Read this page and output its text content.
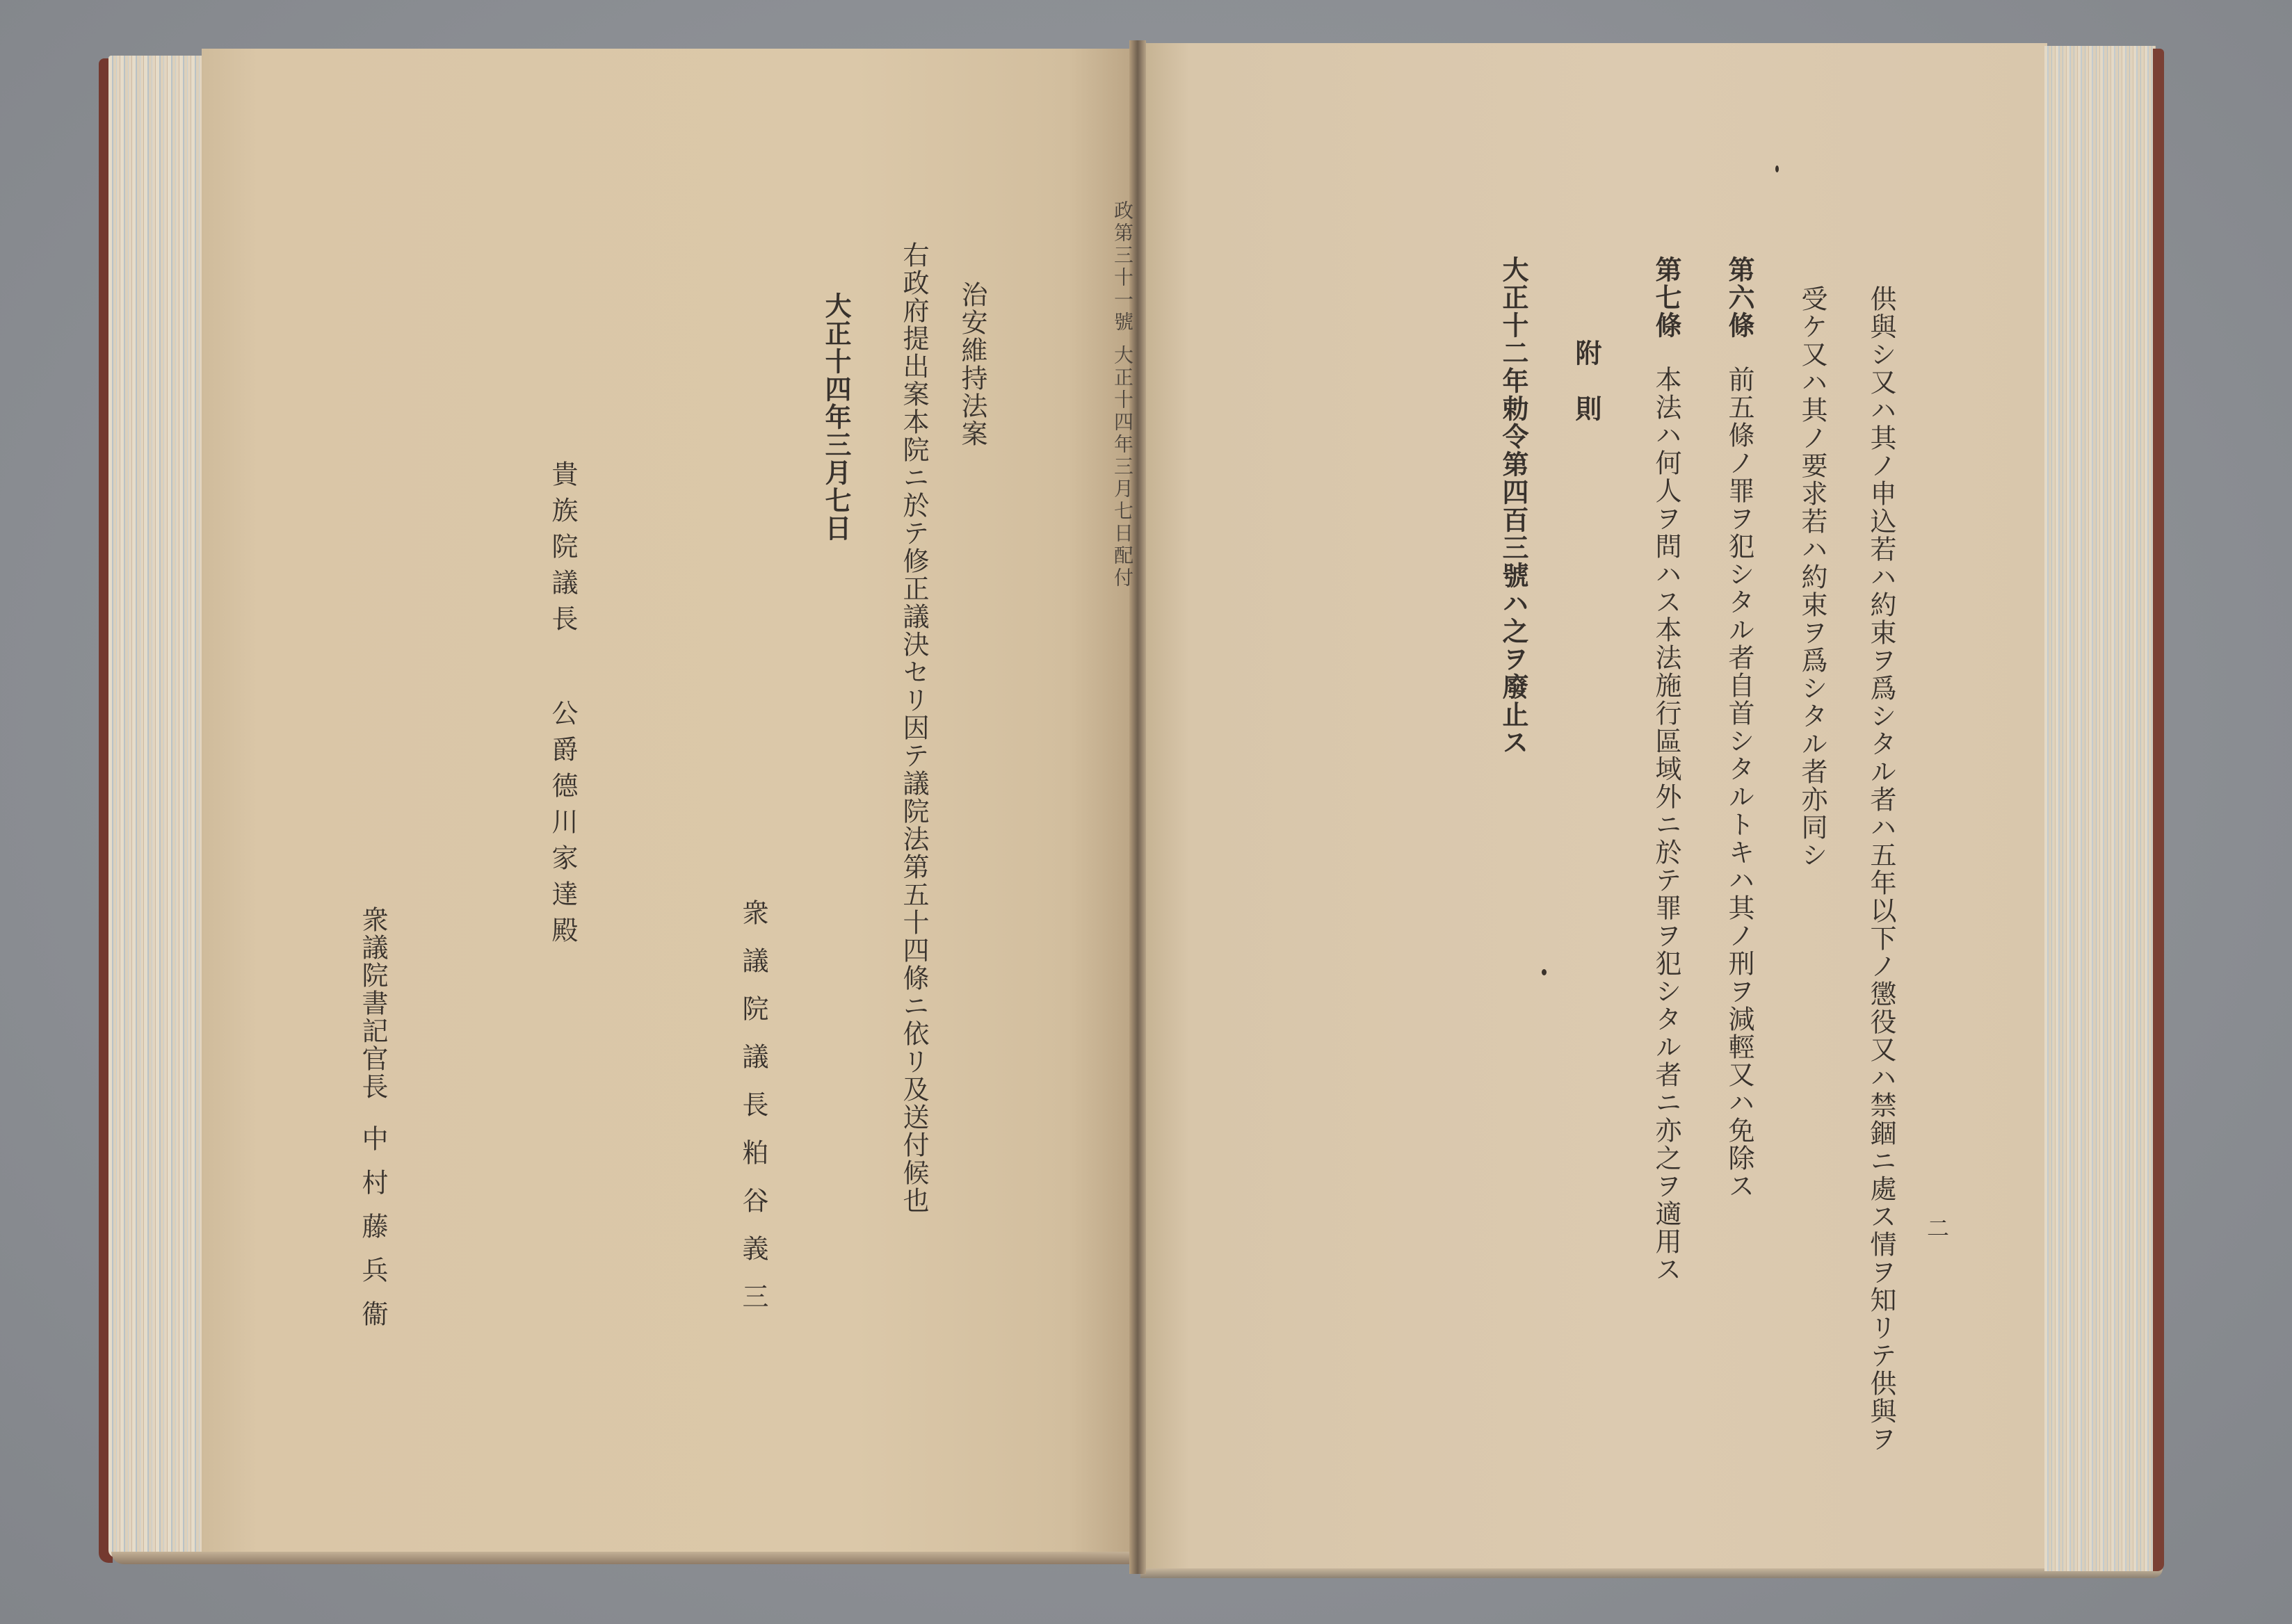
政第三十一號大正十四年三月七日配付
治安維持法案
右政府提出案本院ニ於テ修正議決セリ因テ議院法第五十四條ニ依リ及送付候也
大正十四年三月七日
衆議院議長粕谷義三
貴族院議長公爵德川家達殿
衆議院書記官長中村藤兵衞	二
供與シ又ハ其ノ申込若ハ約束ヲ爲シタル者ハ五年以下ノ懲役又ハ禁錮ニ處ス情ヲ知リテ供與ヲ
受ケ又ハ其ノ要求若ハ約束ヲ爲シタル者亦同シ
第六條前五條ノ罪ヲ犯シタル者自首シタルトキハ其ノ刑ヲ減輕又ハ免除ス
第七條本法ハ何人ヲ問ハス本法施行區域外ニ於テ罪ヲ犯シタル者ニ亦之ヲ適用ス
附　則
大正十二年勅令第四百三號ハ之ヲ廢止ス
